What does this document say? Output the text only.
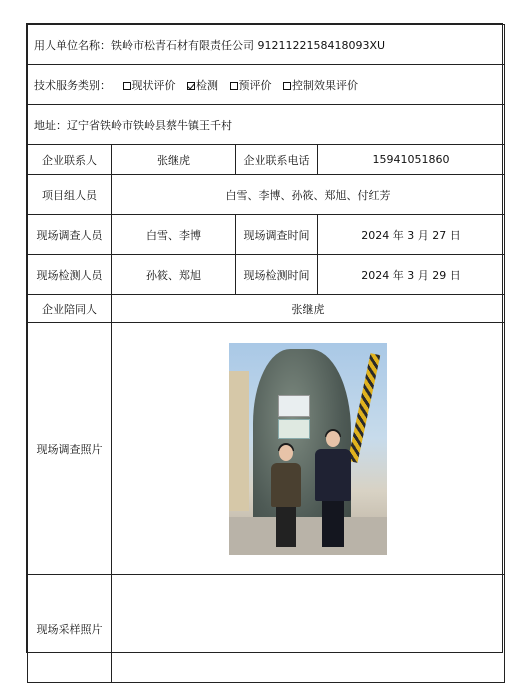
用人单位名称：铁岭市松青石材有限责任公司 9121122158418093XU			
技术服务类别： 现状评价 检测 预评价 控制效果评价			
地址：辽宁省铁岭市铁岭县蔡牛镇王千村			
企业联系人	张继虎	企业联系电话	15941051860
项目组人员	白雪、李博、孙筱、郑旭、付红芳		
现场调查人员	白雪、李博	现场调查时间	2024 年 3 月 27 日
现场检测人员	孙筱、郑旭	现场检测时间	2024 年 3 月 29 日
企业陪同人	张继虎		
现场调查照片			

现场采样照片			
